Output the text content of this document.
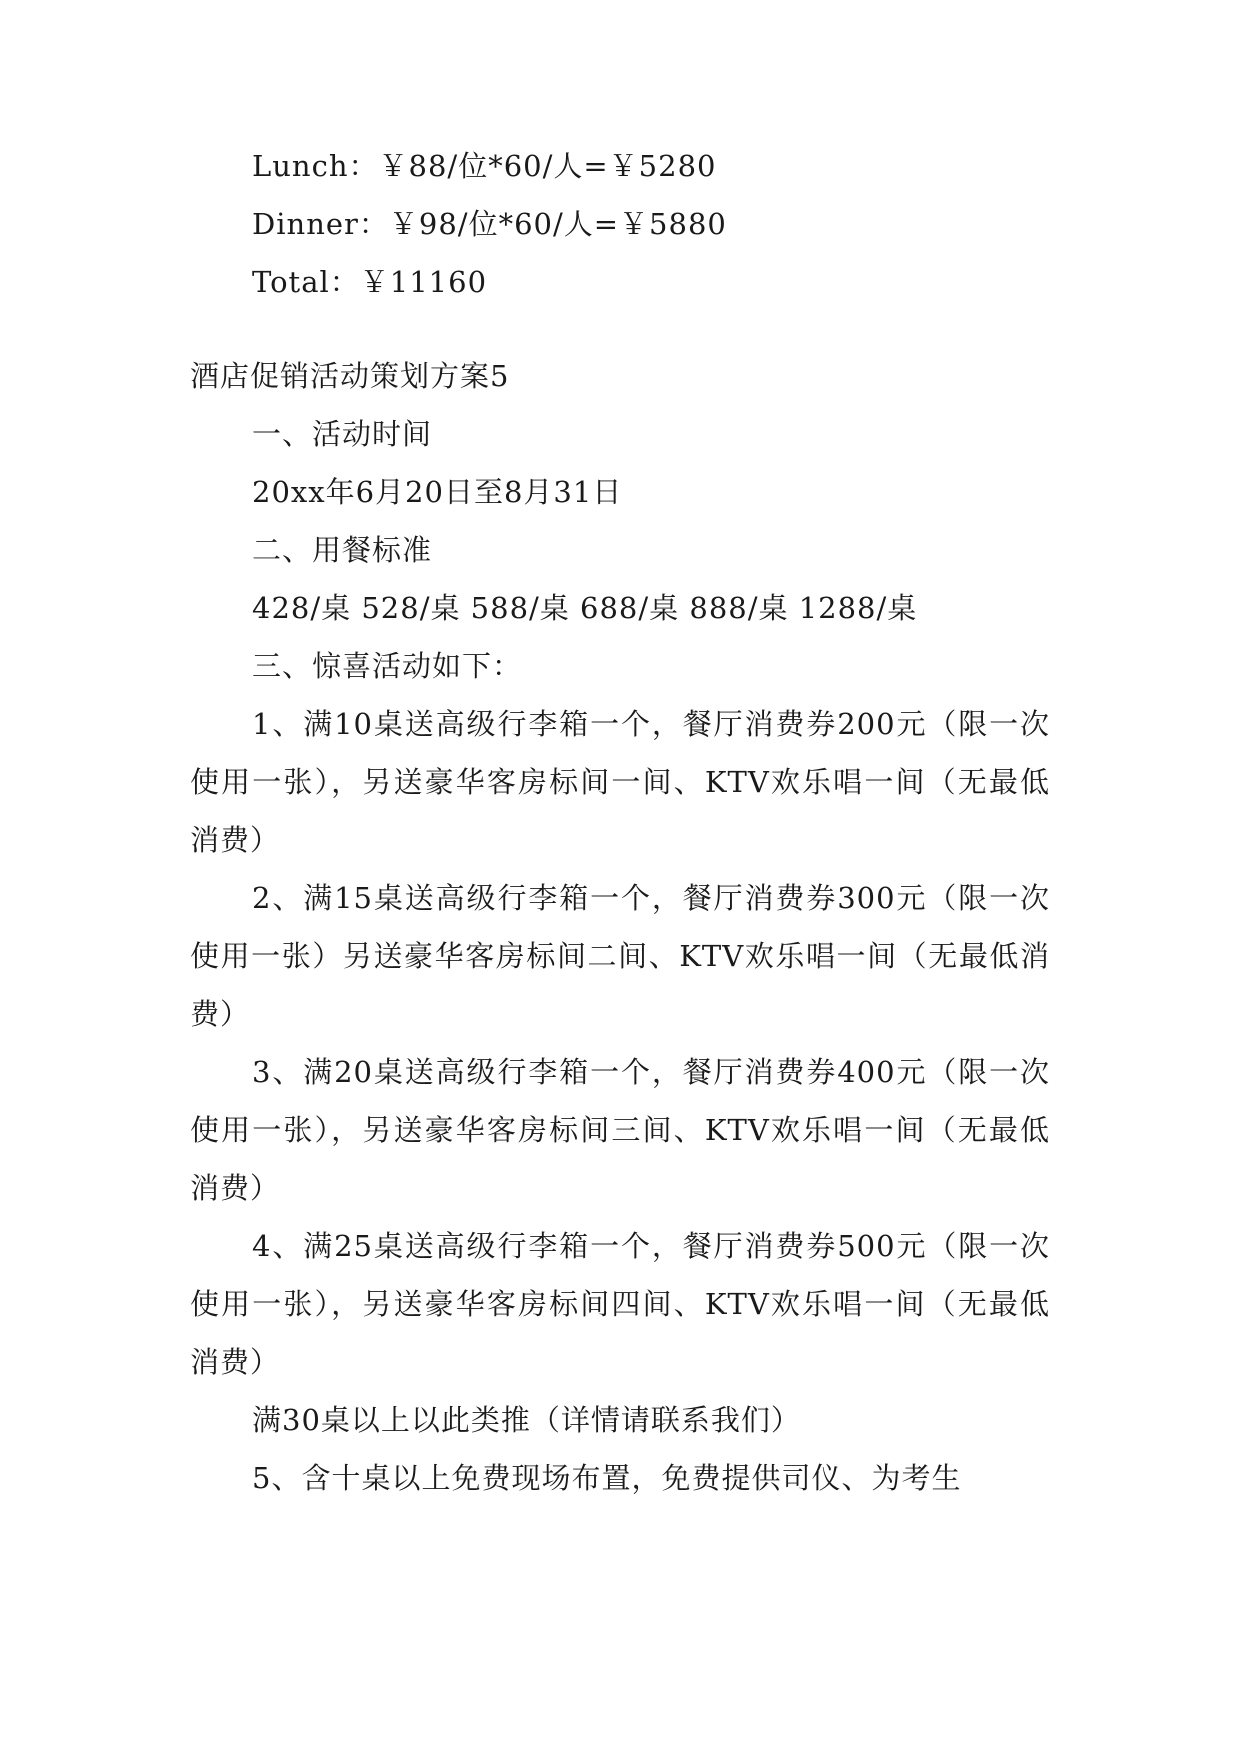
Lunch：￥88/位*60/人=￥5280
Dinner：￥98/位*60/人=￥5880
Total：￥11160
酒店促销活动策划方案5
一、活动时间
20xx年6月20日至8月31日
二、用餐标准
428/桌 528/桌 588/桌 688/桌 888/桌 1288/桌
三、惊喜活动如下：
1、满10桌送高级行李箱一个，餐厅消费券200元（限一次使用一张），另送豪华客房标间一间、KTV欢乐唱一间（无最低消费）
2、满15桌送高级行李箱一个，餐厅消费券300元（限一次使用一张）另送豪华客房标间二间、KTV欢乐唱一间（无最低消费）
3、满20桌送高级行李箱一个，餐厅消费券400元（限一次使用一张），另送豪华客房标间三间、KTV欢乐唱一间（无最低消费）
4、满25桌送高级行李箱一个，餐厅消费券500元（限一次使用一张），另送豪华客房标间四间、KTV欢乐唱一间（无最低消费）
满30桌以上以此类推（详情请联系我们）
5、含十桌以上免费现场布置，免费提供司仪、为考生
